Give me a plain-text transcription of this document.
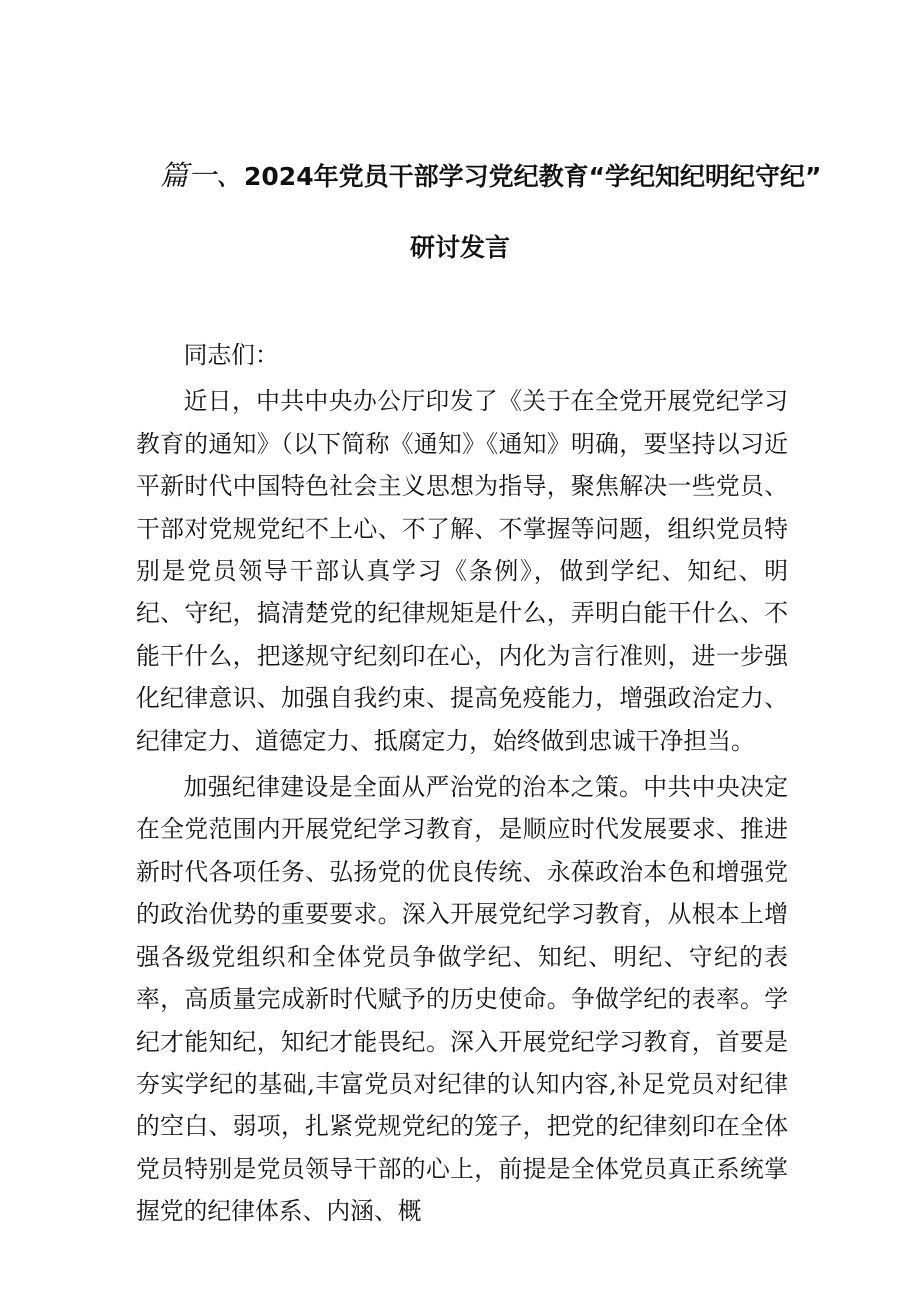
篇一、2024年党员干部学习党纪教育“学纪知纪明纪守纪”
研讨发言

同志们：

近日，中共中央办公厅印发了《关于在全党开展党纪学习教育的通知》（以下简称《通知》《通知》明确，要坚持以习近平新时代中国特色社会主义思想为指导，聚焦解决一些党员、干部对党规党纪不上心、不了解、不掌握等问题，组织党员特别是党员领导干部认真学习《条例》，做到学纪、知纪、明纪、守纪，搞清楚党的纪律规矩是什么，弄明白能干什么、不能干什么，把遂规守纪刻印在心，内化为言行准则，进一步强化纪律意识、加强自我约束、提高免疫能力，增强政治定力、纪律定力、道德定力、抵腐定力，始终做到忠诚干净担当。

加强纪律建设是全面从严治党的治本之策。中共中央决定在全党范围内开展党纪学习教育，是顺应时代发展要求、推进新时代各项任务、弘扬党的优良传统、永葆政治本色和增强党的政治优势的重要要求。深入开展党纪学习教育，从根本上增强各级党组织和全体党员争做学纪、知纪、明纪、守纪的表率，高质量完成新时代赋予的历史使命。争做学纪的表率。学纪才能知纪，知纪才能畏纪。深入开展党纪学习教育，首要是夯实学纪的基础,丰富党员对纪律的认知内容,补足党员对纪律的空白、弱项，扎紧党规党纪的笼子，把党的纪律刻印在全体党员特别是党员领导干部的心上，前提是全体党员真正系统掌握党的纪律体系、内涵、概
